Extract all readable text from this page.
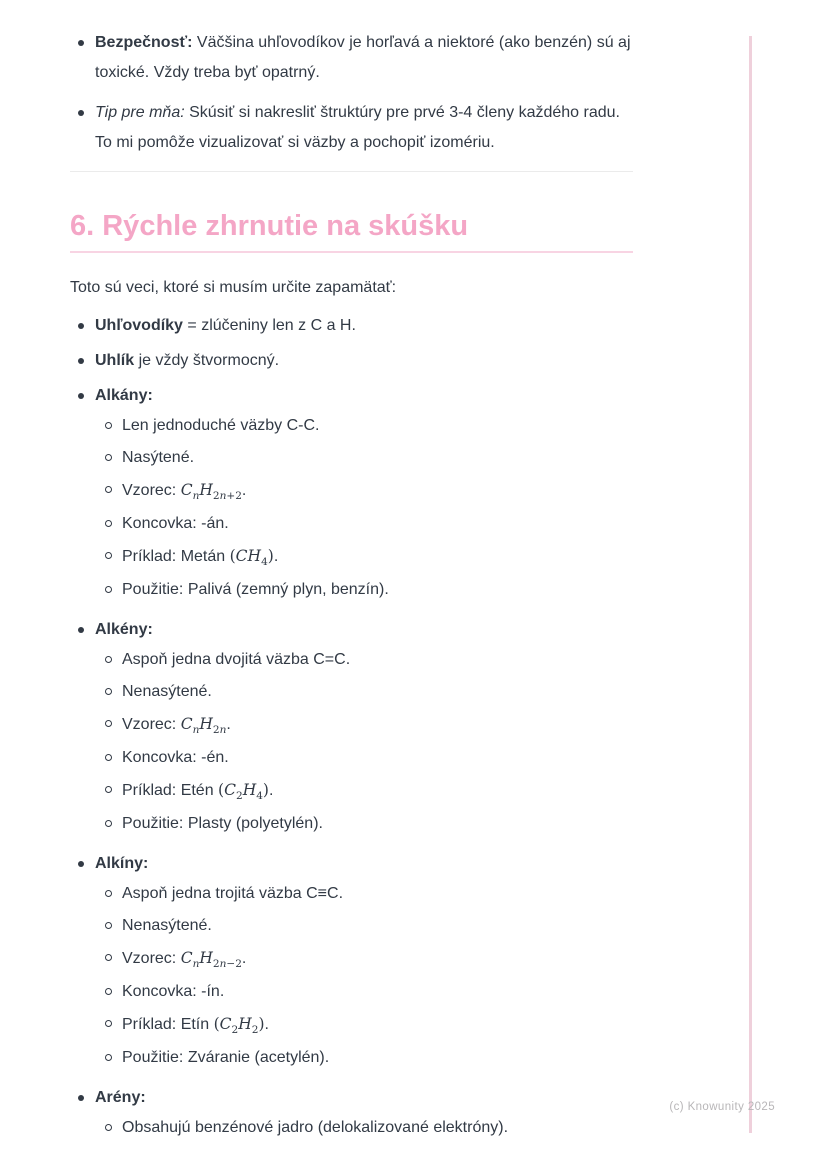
Bezpečnosť: Väčšina uhľovodíkov je horľavá a niektoré (ako benzén) sú aj toxické. Vždy treba byť opatrný.
Tip pre mňa: Skúsiť si nakresliť štruktúry pre prvé 3-4 členy každého radu. To mi pomôže vizualizovať si väzby a pochopiť izomériu.
6. Rýchle zhrnutie na skúšku

Toto sú veci, ktoré si musím určite zapamätať:

Uhľovodíky = zlúčeniny len z C a H.
Uhlík je vždy štvormocný.
Alkány:
Len jednoduché väzby C-C.
Nasýtené.
Vzorec: $C_nH_{2n+2}$.
Koncovka: -án.
Príklad: Metán $(CH_4)$.
Použitie: Palivá (zemný plyn, benzín).
Alkény:
Aspoň jedna dvojitá väzba C=C.
Nenasýtené.
Vzorec: $C_nH_{2n}$.
Koncovka: -én.
Príklad: Etén $(C_2H_4)$.
Použitie: Plasty (polyetylén).
Alkíny:
Aspoň jedna trojitá väzba C≡C.
Nenasýtené.
Vzorec: $C_nH_{2n-2}$.
Koncovka: -ín.
Príklad: Etín $(C_2H_2)$.
Použitie: Zváranie (acetylén).
Arény:
Obsahujú benzénové jadro (delokalizované elektróny).
(c) Knowunity 2025
